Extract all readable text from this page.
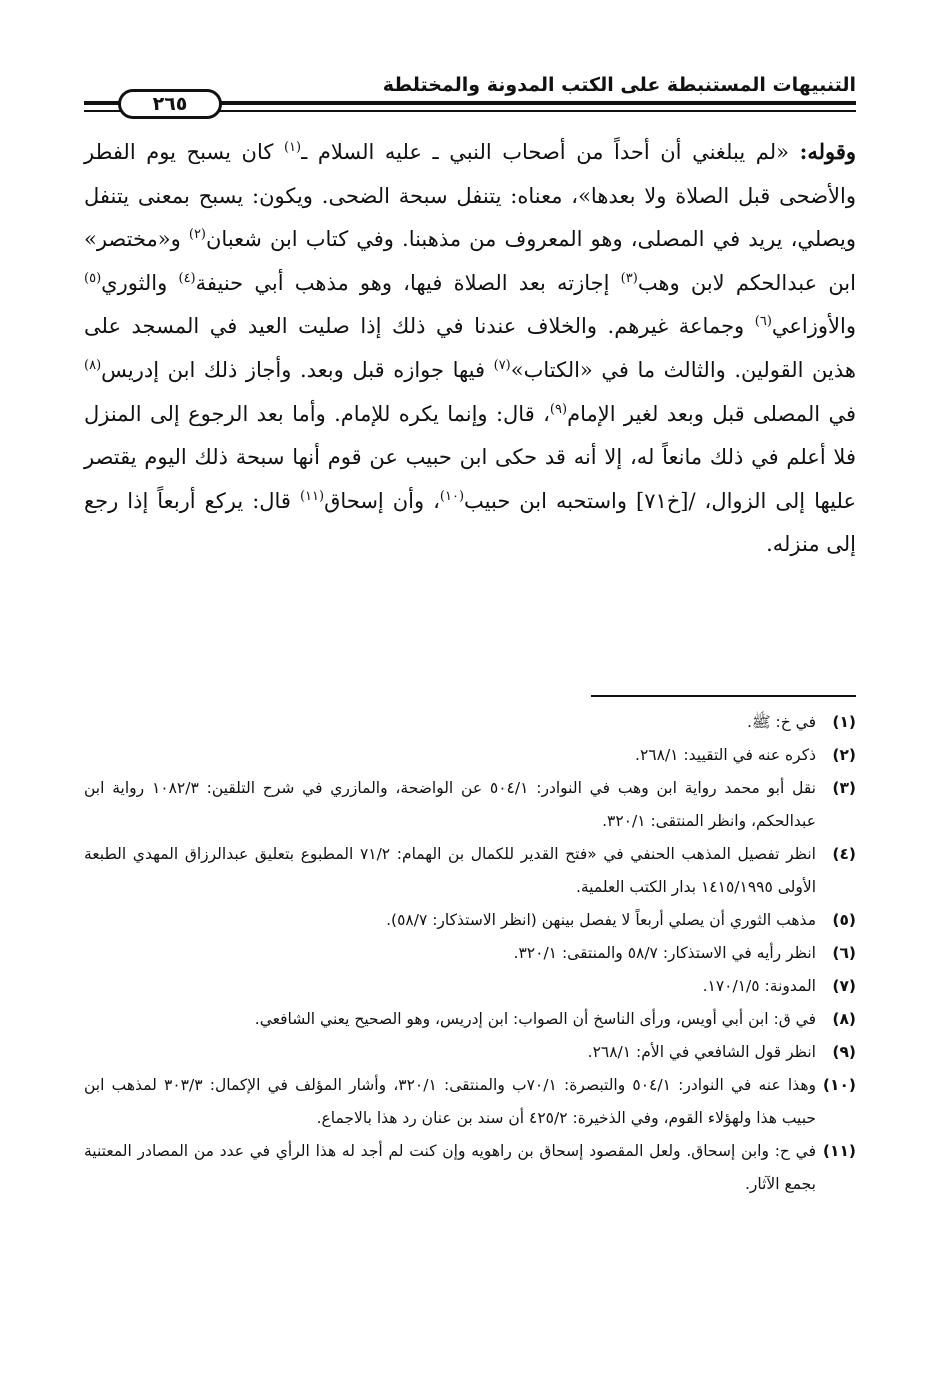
التنبيهات المستنبطة على الكتب المدونة والمختلطة
٢٦٥

وقوله: «لم يبلغني أن أحداً من أصحاب النبي ـ عليه السلام ـ$^{(١)}$ كان يسبح يوم الفطر والأضحى قبل الصلاة ولا بعدها»، معناه: يتنفل سبحة الضحى. ويكون: يسبح بمعنى يتنفل ويصلي، يريد في المصلى، وهو المعروف من مذهبنا. وفي كتاب ابن شعبان$^{(٢)}$ و«مختصر» ابن عبدالحكم لابن وهب$^{(٣)}$ إجازته بعد الصلاة فيها، وهو مذهب أبي حنيفة$^{(٤)}$ والثوري$^{(٥)}$ والأوزاعي$^{(٦)}$ وجماعة غيرهم. والخلاف عندنا في ذلك إذا صليت العيد في المسجد على هذين القولين. والثالث ما في «الكتاب»$^{(٧)}$ فيها جوازه قبل وبعد. وأجاز ذلك ابن إدريس$^{(٨)}$ في المصلى قبل وبعد لغير الإمام$^{(٩)}$، قال: وإنما يكره للإمام. وأما بعد الرجوع إلى المنزل فلا أعلم في ذلك مانعاً له، إلا أنه قد حكى ابن حبيب عن قوم أنها سبحة ذلك اليوم يقتصر عليها إلى الزوال، /[خ٧١] واستحبه ابن حبيب$^{(١٠)}$، وأن إسحاق$^{(١١)}$ قال: يركع أربعاً إذا رجع إلى منزله.

(١)
في خ: ﷺ.
(٢)
ذكره عنه في التقييد: ٢٦٨/١.
(٣)
نقل أبو محمد رواية ابن وهب في النوادر: ٥٠٤/١ عن الواضحة، والمازري في شرح التلقين: ١٠٨٢/٣ رواية ابن عبدالحكم، وانظر المنتقى: ٣٢٠/١.
(٤)
انظر تفصيل المذهب الحنفي في «فتح القدير للكمال بن الهمام: ٧١/٢ المطبوع بتعليق عبدالرزاق المهدي الطبعة الأولى ١٤١٥/١٩٩٥ بدار الكتب العلمية.
(٥)
مذهب الثوري أن يصلي أربعاً لا يفصل بينهن (انظر الاستذكار: ٥٨/٧).
(٦)
انظر رأيه في الاستذكار: ٥٨/٧ والمنتقى: ٣٢٠/١.
(٧)
المدونة: ١٧٠/١/٥.
(٨)
في ق: ابن أبي أويس، ورأى الناسخ أن الصواب: ابن إدريس، وهو الصحيح يعني الشافعي.
(٩)
انظر قول الشافعي في الأم: ٢٦٨/١.
(١٠)
وهذا عنه في النوادر: ٥٠٤/١ والتبصرة: ٧٠/١ب والمنتقى: ٣٢٠/١، وأشار المؤلف في الإكمال: ٣٠٣/٣ لمذهب ابن حبيب هذا ولهؤلاء القوم، وفي الذخيرة: ٤٢٥/٢ أن سند بن عنان رد هذا بالاجماع.
(١١)
في ح: وابن إسحاق. ولعل المقصود إسحاق بن راهويه وإن كنت لم أجد له هذا الرأي في عدد من المصادر المعتنية بجمع الآثار.
